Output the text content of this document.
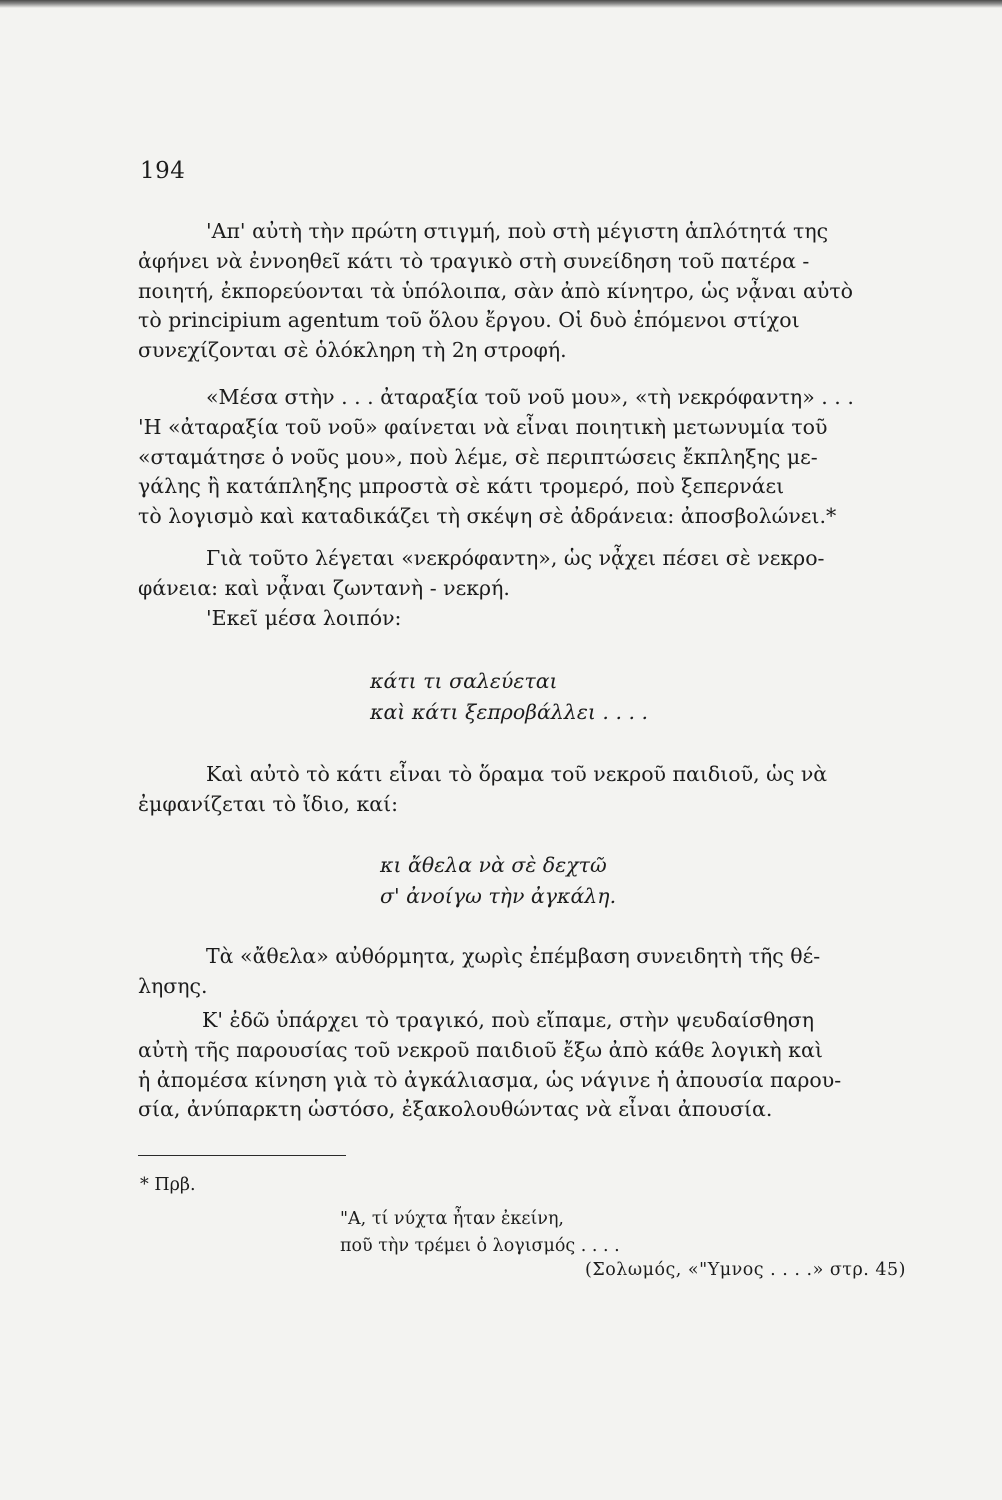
194

'Απ' αὐτὴ τὴν πρώτη στιγμή, ποὺ στὴ μέγιστη ἁπλότητά της
ἀφήνει νὰ ἐννοηθεῖ κάτι τὸ τραγικὸ στὴ συνείδηση τοῦ πατέρα -
ποιητή, ἐκπορεύονται τὰ ὑπόλοιπα, σὰν ἀπὸ κίνητρο, ὡς νᾆναι αὐτὸ
τὸ principium agentum τοῦ ὅλου ἔργου. Οἱ δυὸ ἑπόμενοι στίχοι
συνεχίζονται σὲ ὁλόκληρη τὴ 2η στροφή.

«Μέσα στὴν . . . ἀταραξία τοῦ νοῦ μου», «τὴ νεκρόφαντη» . . .
'Η «ἀταραξία τοῦ νοῦ» φαίνεται νὰ εἶναι ποιητικὴ μετωνυμία τοῦ
«σταμάτησε ὁ νοῦς μου», ποὺ λέμε, σὲ περιπτώσεις ἔκπληξης με-
γάλης ἢ κατάπληξης μπροστὰ σὲ κάτι τρομερό, ποὺ ξεπερνάει
τὸ λογισμὸ καὶ καταδικάζει τὴ σκέψη σὲ ἀδράνεια: ἀποσβολώνει.*

Γιὰ τοῦτο λέγεται «νεκρόφαντη», ὡς νᾆχει πέσει σὲ νεκρο-
φάνεια: καὶ νᾆναι ζωντανὴ - νεκρή.

'Εκεῖ μέσα λοιπόν:

κάτι τι σαλεύεται
καὶ κάτι ξεπροβάλλει . . . .

Καὶ αὐτὸ τὸ κάτι εἶναι τὸ ὅραμα τοῦ νεκροῦ παιδιοῦ, ὡς νὰ
ἐμφανίζεται τὸ ἴδιο, καί:

κι ἄθελα νὰ σὲ δεχτῶ
σ' ἀνοίγω τὴν ἀγκάλη.

Τὰ «ἄθελα» αὐθόρμητα, χωρὶς ἐπέμβαση συνειδητὴ τῆς θέ-
λησης.

Κ' ἐδῶ ὑπάρχει τὸ τραγικό, ποὺ εἴπαμε, στὴν ψευδαίσθηση
αὐτὴ τῆς παρουσίας τοῦ νεκροῦ παιδιοῦ ἔξω ἀπὸ κάθε λογικὴ καὶ
ἡ ἀπομέσα κίνηση γιὰ τὸ ἀγκάλιασμα, ὡς νάγινε ἡ ἀπουσία παρου-
σία, ἀνύπαρκτη ὡστόσο, ἐξακολουθώντας νὰ εἶναι ἀπουσία.

* Πρβ.
"Α, τί νύχτα ἦταν ἐκείνη,
ποῦ τὴν τρέμει ὁ λογισμός . . . .
(Σολωμός, «"Υμνος . . . .» στρ. 45)
